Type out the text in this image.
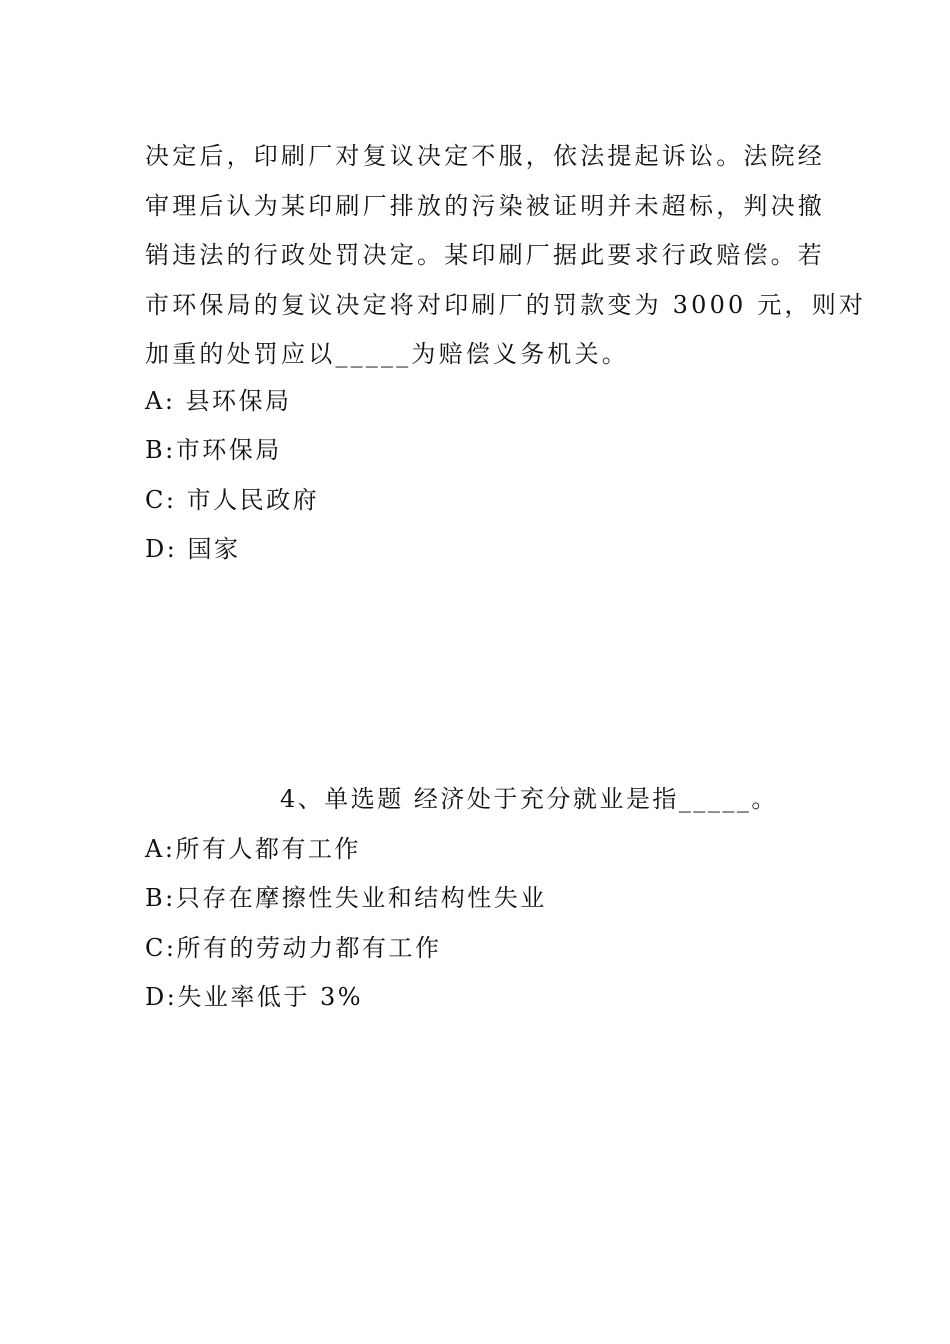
决定后，印刷厂对复议决定不服，依法提起诉讼。法院经
审理后认为某印刷厂排放的污染被证明并未超标，判决撤
销违法的行政处罚决定。某印刷厂据此要求行政赔偿。若
市环保局的复议决定将对印刷厂的罚款变为 3000 元，则对
加重的处罚应以_____为赔偿义务机关。

A: 县环保局

B:市环保局

C: 市人民政府

D: 国家

4、单选题 经济处于充分就业是指_____。

A:所有人都有工作

B:只存在摩擦性失业和结构性失业

C:所有的劳动力都有工作

D:失业率低于 3%
